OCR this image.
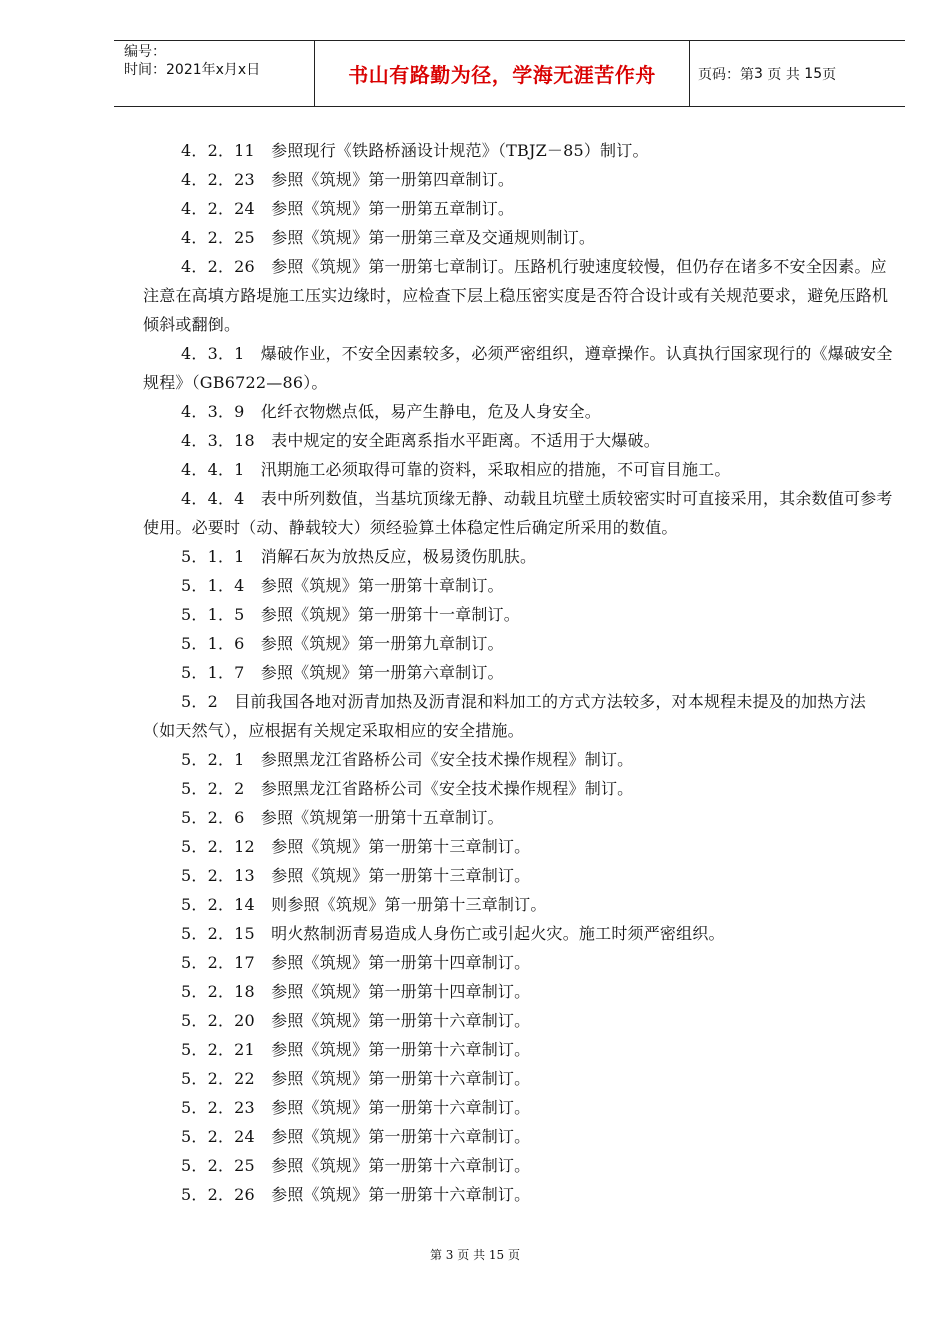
编号：
时间：2021年x月x日	书山有路勤为径，学海无涯苦作舟	页码：第 3
页 共
15 页

4．2．11　参照现行《铁路桥涵设计规范》（TBJZ－85）制订。

4．2．23　参照《筑规》第一册第四章制订。

4．2．24　参照《筑规》第一册第五章制订。

4．2．25　参照《筑规》第一册第三章及交通规则制订。

4．2．26　参照《筑规》第一册第七章制订。压路机行驶速度较慢，但仍存在诸多不安全因素。应注意在高填方路堤施工压实边缘时，应检查下层上稳压密实度是否符合设计或有关规范要求，避免压路机倾斜或翻倒。

4．3．1　爆破作业，不安全因素较多，必须严密组织，遵章操作。认真执行国家现行的《爆破安全规程》（GB6722—86）。

4．3．9　化纤衣物燃点低，易产生静电，危及人身安全。

4．3．18　表中规定的安全距离系指水平距离。不适用于大爆破。

4．4．1　汛期施工必须取得可靠的资料，采取相应的措施，不可盲目施工。

4．4．4　表中所列数值，当基坑顶缘无静、动载且坑壁土质较密实时可直接采用，其余数值可参考使用。必要时（动、静载较大）须经验算土体稳定性后确定所采用的数值。

5．1．1　消解石灰为放热反应，极易烫伤肌肤。

5．1．4　参照《筑规》第一册第十章制订。

5．1．5　参照《筑规》第一册第十一章制订。

5．1．6　参照《筑规》第一册第九章制订。

5．1．7　参照《筑规》第一册第六章制订。

5．2　目前我国各地对沥青加热及沥青混和料加工的方式方法较多，对本规程未提及的加热方法（如天然气），应根据有关规定采取相应的安全措施。

5．2．1　参照黑龙江省路桥公司《安全技术操作规程》制订。

5．2．2　参照黑龙江省路桥公司《安全技术操作规程》制订。

5．2．6　参照《筑规第一册第十五章制订。

5．2．12　参照《筑规》第一册第十三章制订。

5．2．13　参照《筑规》第一册第十三章制订。

5．2．14　则参照《筑规》第一册第十三章制订。

5．2．15　明火熬制沥青易造成人身伤亡或引起火灾。施工时须严密组织。

5．2．17　参照《筑规》第一册第十四章制订。

5．2．18　参照《筑规》第一册第十四章制订。

5．2．20　参照《筑规》第一册第十六章制订。

5．2．21　参照《筑规》第一册第十六章制订。

5．2．22　参照《筑规》第一册第十六章制订。

5．2．23　参照《筑规》第一册第十六章制订。

5．2．24　参照《筑规》第一册第十六章制订。

5．2．25　参照《筑规》第一册第十六章制订。

5．2．26　参照《筑规》第一册第十六章制订。

第 3 页 共 15 页
